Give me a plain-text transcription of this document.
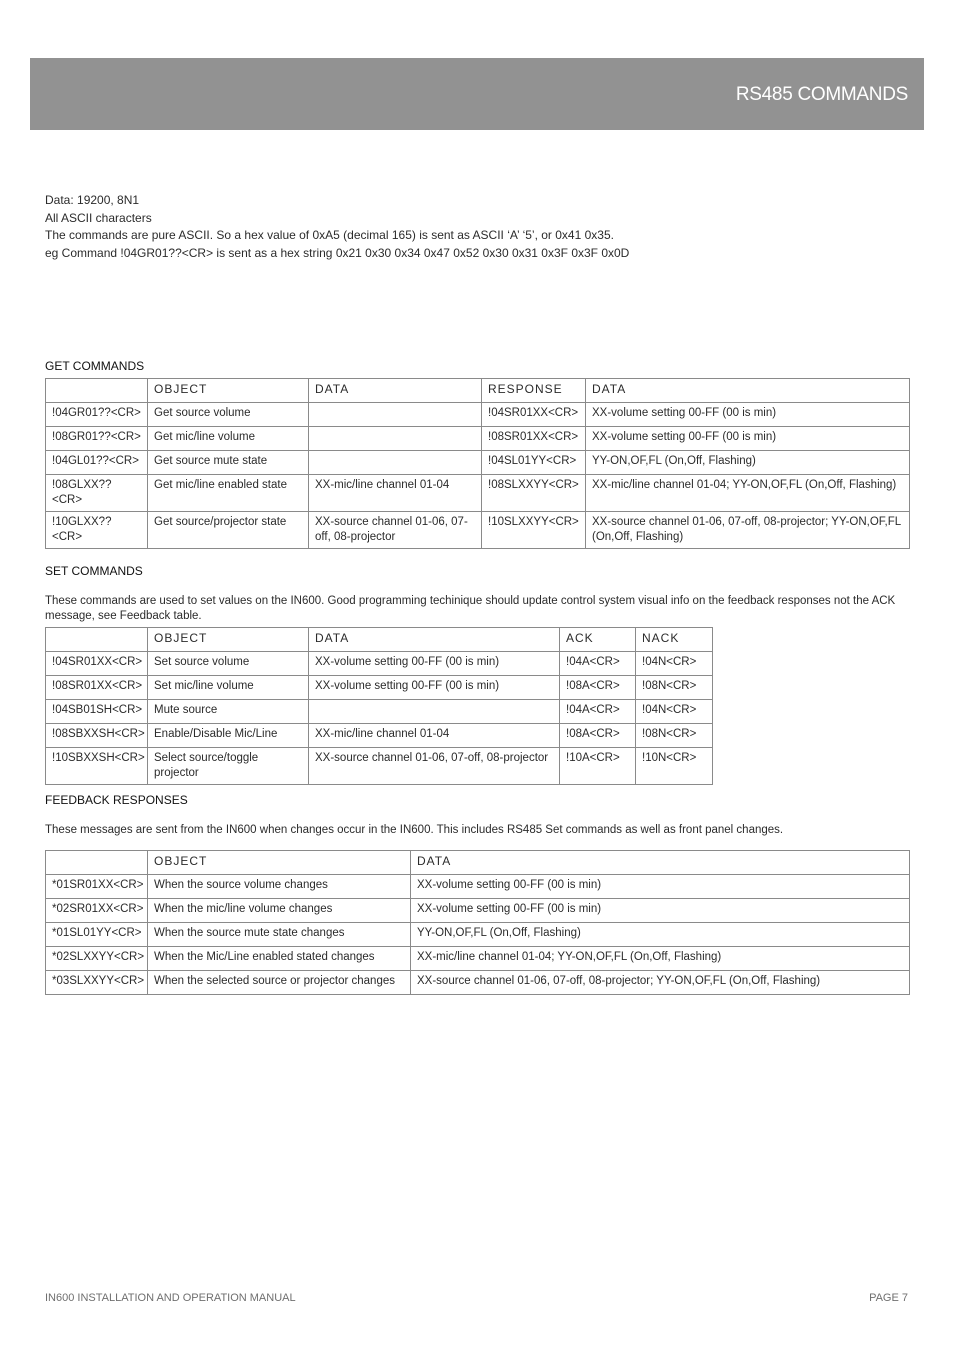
RS485 COMMANDS
Data: 19200, 8N1
All ASCII characters
The commands are pure ASCII. So a hex value of 0xA5 (decimal 165) is sent as ASCII ‘A’ ‘5’, or 0x41 0x35.
eg Command !04GR01??<CR> is sent as a hex string 0x21 0x30 0x34 0x47 0x52 0x30 0x31 0x3F 0x3F 0x0D
GET COMMANDS
	OBJECT	DATA	RESPONSE	DATA
!04GR01??<CR>	Get source volume		!04SR01XX<CR>	XX-volume setting 00-FF (00 is min)
!08GR01??<CR>	Get mic/line volume		!08SR01XX<CR>	XX-volume setting 00-FF (00 is min)
!04GL01??<CR>	Get source mute state		!04SL01YY<CR>	YY-ON,OF,FL (On,Off, Flashing)
!08GLXX??<CR>	Get mic/line enabled state	XX-mic/line channel 01-04	!08SLXXYY<CR>	XX-mic/line channel 01-04; YY-ON,OF,FL (On,Off, Flashing)
!10GLXX??<CR>	Get source/projector state	XX-source channel 01-06, 07-off, 08-projector	!10SLXXYY<CR>	XX-source channel 01-06, 07-off, 08-projector; YY-ON,OF,FL (On,Off, Flashing)
SET COMMANDS
These commands are used to set values on the IN600. Good programming techinique should update control system visual info on the feedback responses not the ACK message, see Feedback table.
	OBJECT	DATA	ACK	NACK
!04SR01XX<CR>	Set source volume	XX-volume setting 00-FF (00 is min)	!04A<CR>	!04N<CR>
!08SR01XX<CR>	Set mic/line volume	XX-volume setting 00-FF (00 is min)	!08A<CR>	!08N<CR>
!04SB01SH<CR>	Mute source		!04A<CR>	!04N<CR>
!08SBXXSH<CR>	Enable/Disable Mic/Line	XX-mic/line channel 01-04	!08A<CR>	!08N<CR>
!10SBXXSH<CR>	Select source/toggle projector	XX-source channel 01-06, 07-off, 08-projector	!10A<CR>	!10N<CR>
FEEDBACK RESPONSES
These messages are sent from the IN600 when changes occur in the IN600. This includes RS485 Set commands as well as front panel changes.
	OBJECT	DATA
*01SR01XX<CR>	When the source volume changes	XX-volume setting 00-FF (00 is min)
*02SR01XX<CR>	When the mic/line volume changes	XX-volume setting 00-FF (00 is min)
*01SL01YY<CR>	When the source mute state changes	YY-ON,OF,FL (On,Off, Flashing)
*02SLXXYY<CR>	When the Mic/Line enabled stated changes	XX-mic/line channel 01-04; YY-ON,OF,FL (On,Off, Flashing)
*03SLXXYY<CR>	When the selected source or projector changes	XX-source channel 01-06, 07-off, 08-projector; YY-ON,OF,FL (On,Off, Flashing)
IN600 INSTALLATION AND OPERATION MANUAL	PAGE 7
